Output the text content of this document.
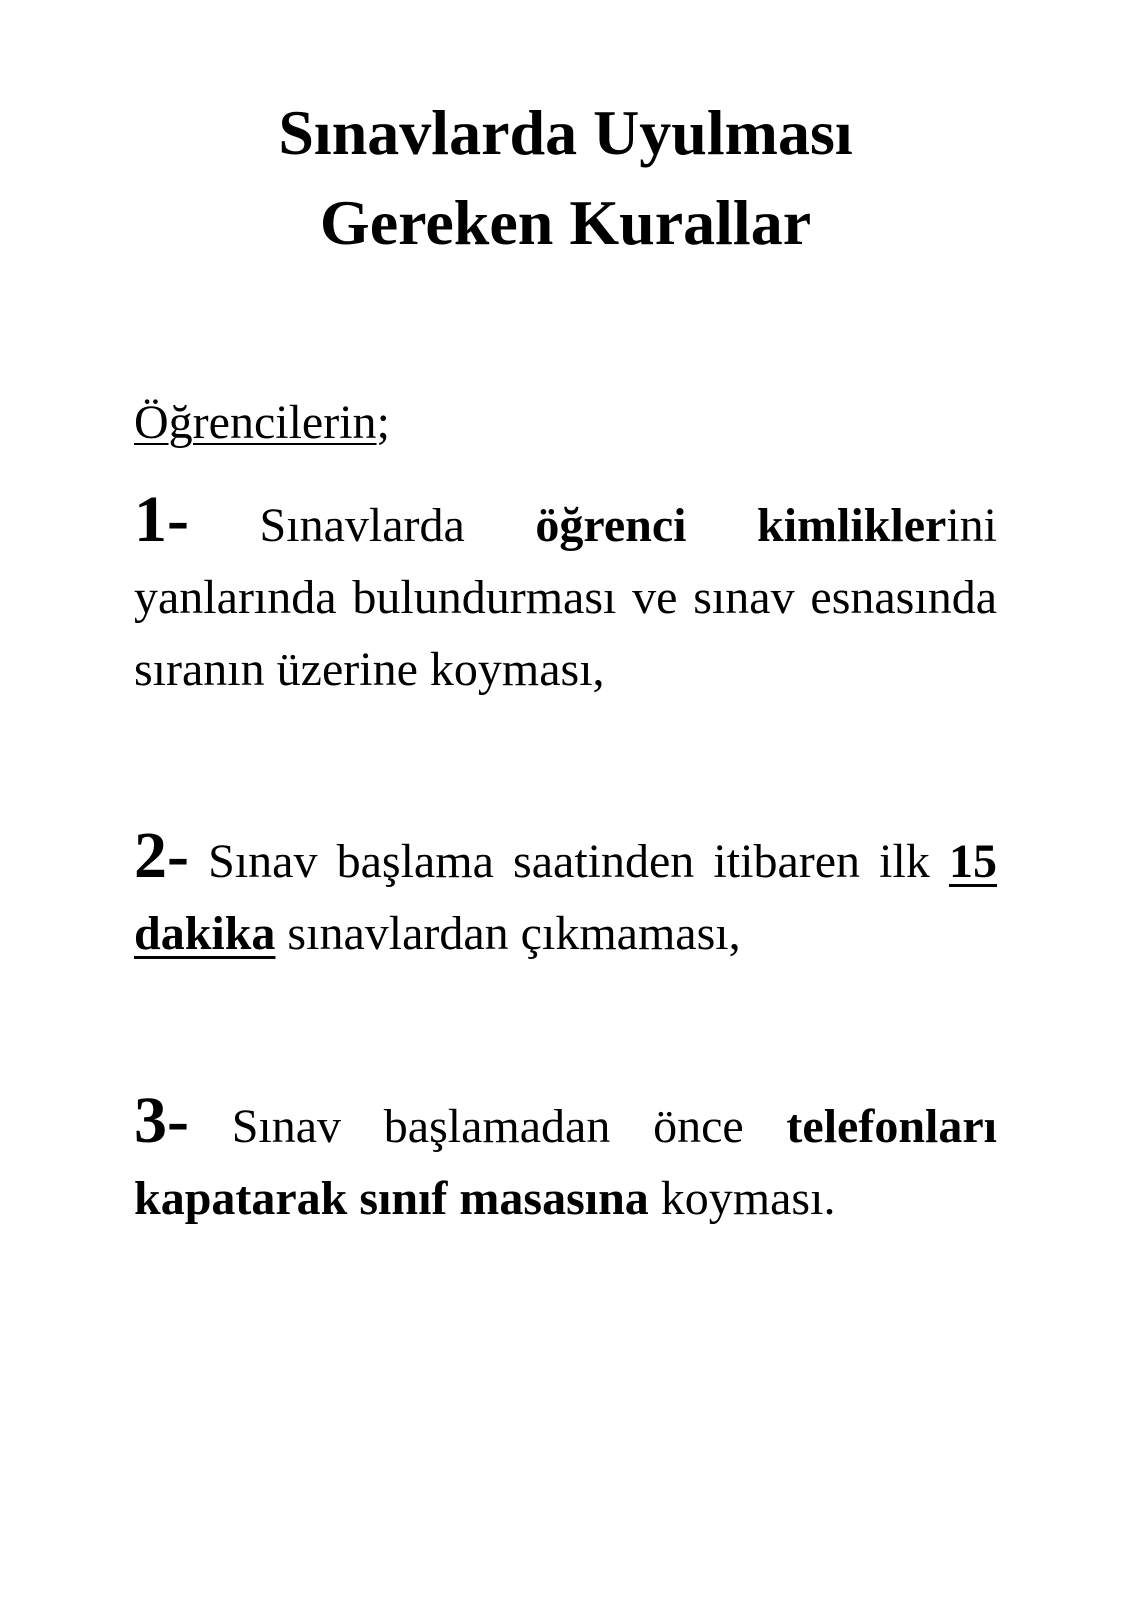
Sınavlarda Uyulması
Gereken Kurallar
Öğrencilerin;

1- Sınavlarda öğrenci kimliklerini yanlarında bulundurması ve sınav esnasında sıranın üzerine koyması,

2- Sınav başlama saatinden itibaren ilk 15 dakika sınavlardan çıkmaması,

3- Sınav başlamadan önce telefonları kapatarak sınıf masasına koyması.
